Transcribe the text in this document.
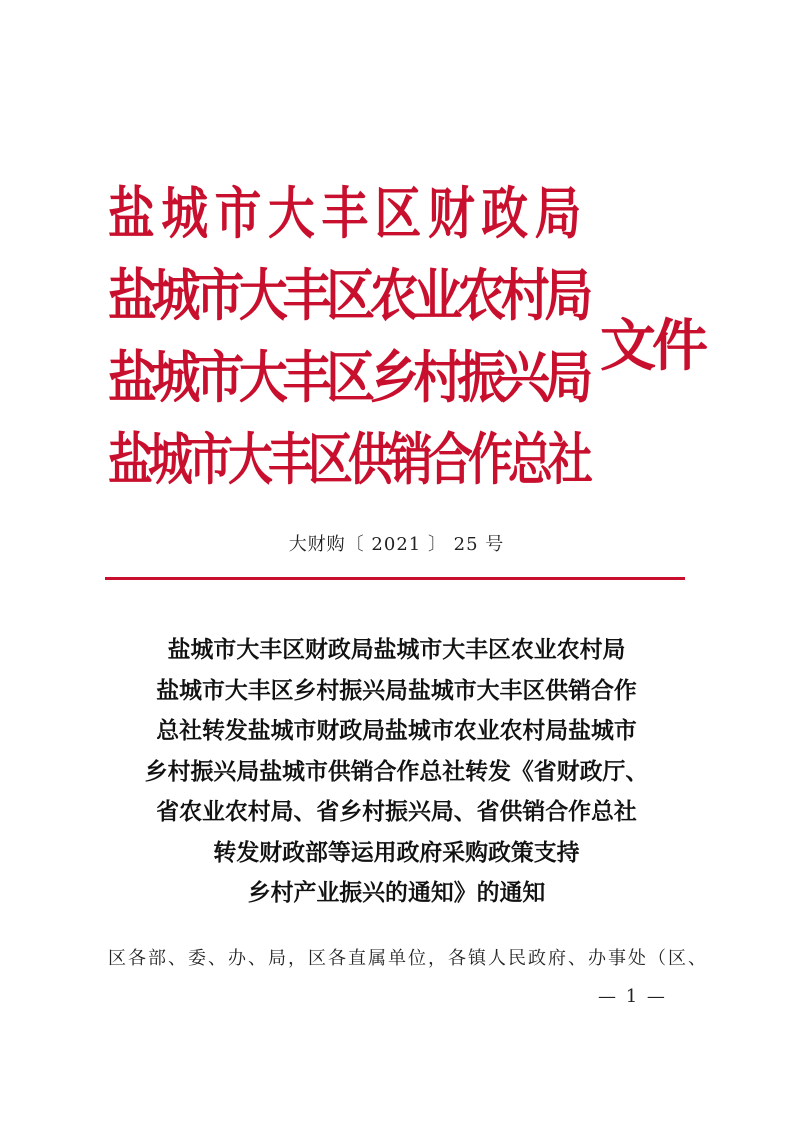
盐城市大丰区财政局
盐城市大丰区农业农村局
盐城市大丰区乡村振兴局
盐城市大丰区供销合作总社
文件
大财购〔 2021 〕 25 号
盐城市大丰区财政局盐城市大丰区农业农村局
盐城市大丰区乡村振兴局盐城市大丰区供销合作
总社转发盐城市财政局盐城市农业农村局盐城市
乡村振兴局盐城市供销合作总社转发《省财政厅、
省农业农村局、省乡村振兴局、省供销合作总社
转发财政部等运用政府采购政策支持
乡村产业振兴的通知》的通知
区各部、委、办、局，区各直属单位，各镇人民政府、办事处（区、
— 1 —
